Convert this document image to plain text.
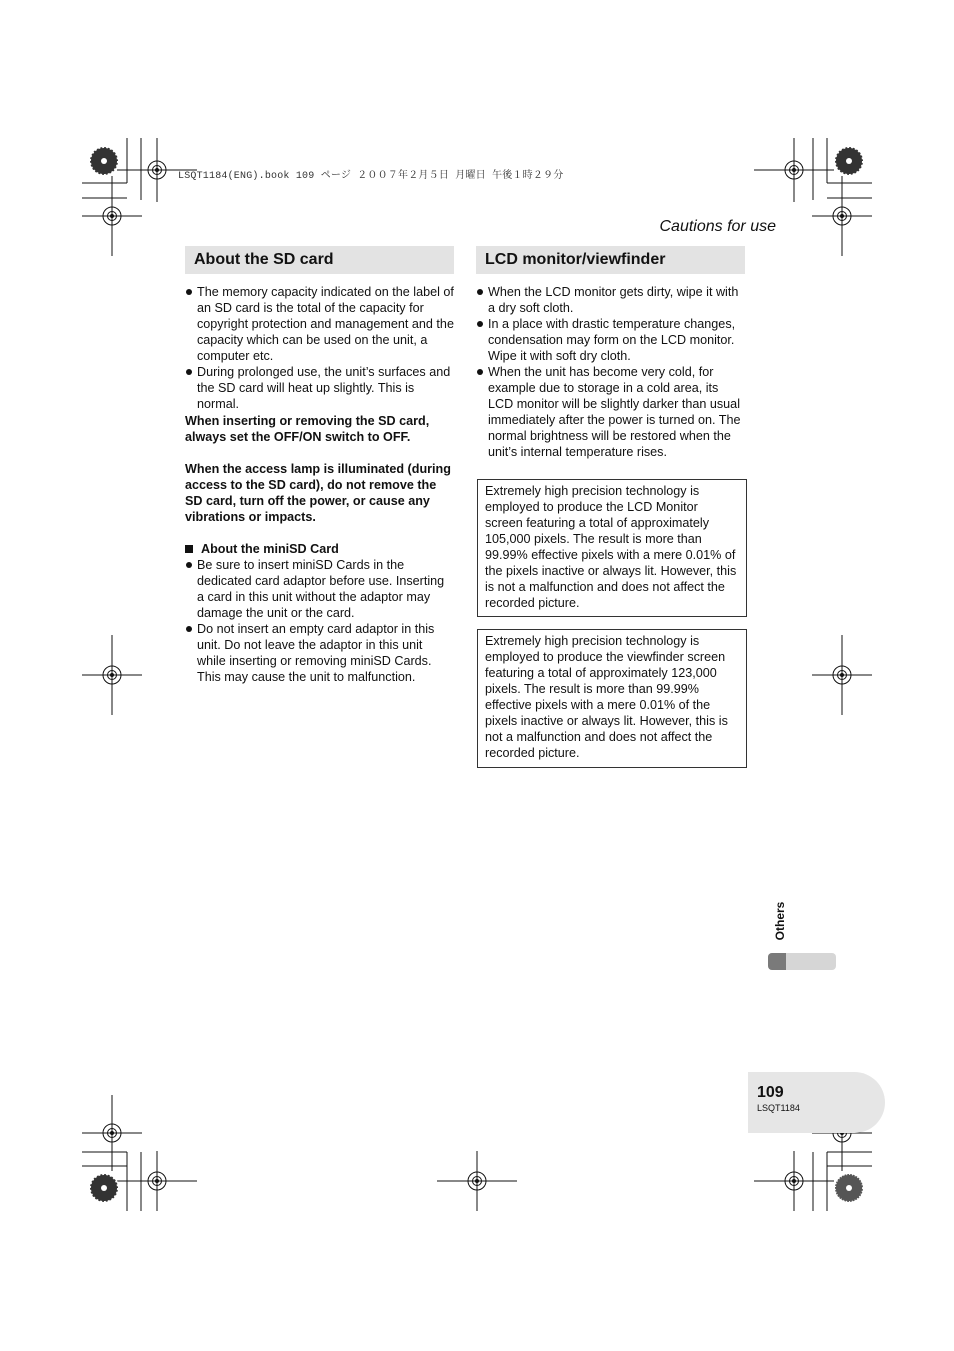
LSQT1184(ENG).book 109 ページ ２００７年２月５日 月曜日 午後１時２９分
Cautions for use
About the SD card
The memory capacity indicated on the label of an SD card is the total of the capacity for copyright protection and management and the capacity which can be used on the unit, a computer etc.
During prolonged use, the unit’s surfaces and the SD card will heat up slightly. This is normal.

When inserting or removing the SD card, always set the OFF/ON switch to OFF.

When the access lamp is illuminated (during access to the SD card), do not remove the SD card, turn off the power, or cause any vibrations or impacts.

About the miniSD Card
Be sure to insert miniSD Cards in the dedicated card adaptor before use. Inserting a card in this unit without the adaptor may damage the unit or the card.
Do not insert an empty card adaptor in this unit. Do not leave the adaptor in this unit while inserting or removing miniSD Cards. This may cause the unit to malfunction.
LCD monitor/viewfinder
When the LCD monitor gets dirty, wipe it with a dry soft cloth.
In a place with drastic temperature changes, condensation may form on the LCD monitor. Wipe it with soft dry cloth.
When the unit has become very cold, for example due to storage in a cold area, its LCD monitor will be slightly darker than usual immediately after the power is turned on. The normal brightness will be restored when the unit’s internal temperature rises.
Extremely high precision technology is employed to produce the LCD Monitor screen featuring a total of approximately 105,000 pixels. The result is more than 99.99% effective pixels with a mere 0.01% of the pixels inactive or always lit. However, this is not a malfunction and does not affect the recorded picture.
Extremely high precision technology is employed to produce the viewfinder screen featuring a total of approximately 123,000 pixels. The result is more than 99.99% effective pixels with a mere 0.01% of the pixels inactive or always lit. However, this is not a malfunction and does not affect the recorded picture.
Others
109
LSQT1184
